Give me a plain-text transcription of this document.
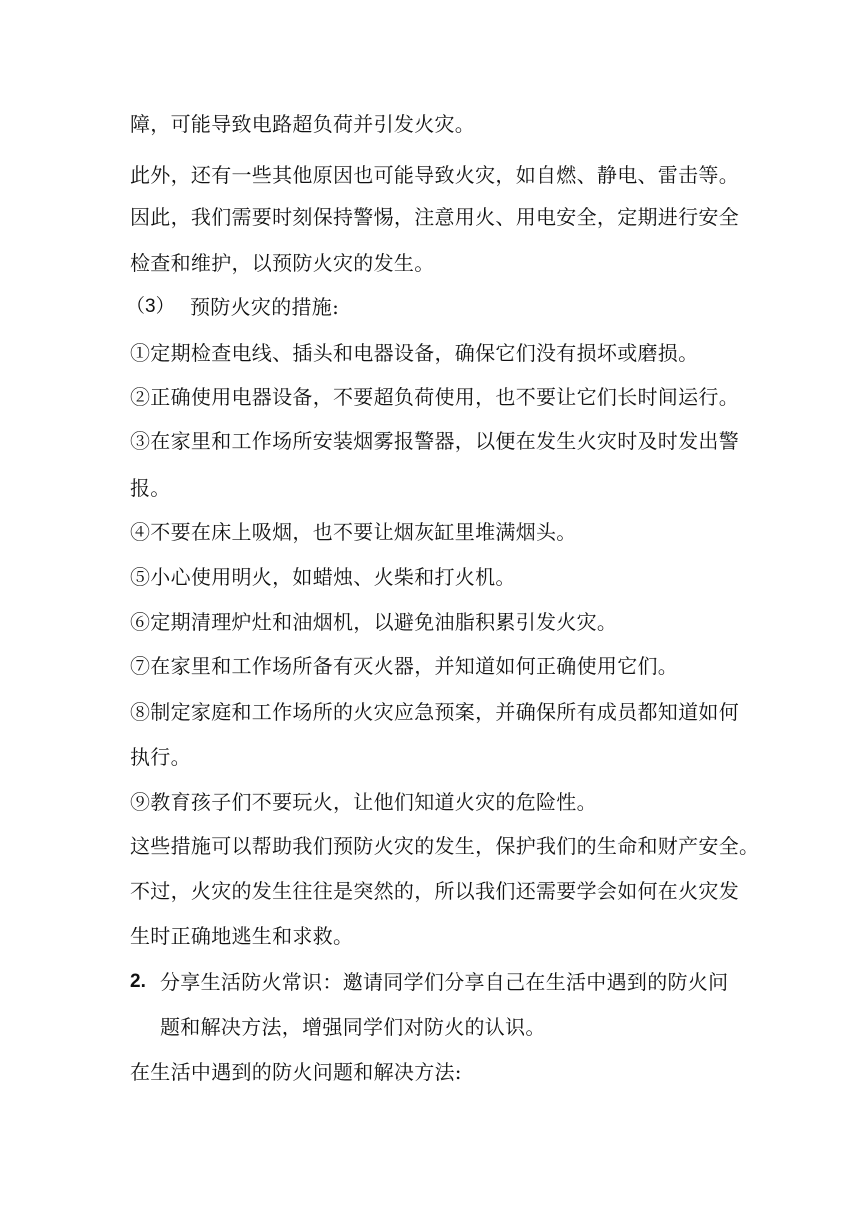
障，可能导致电路超负荷并引发火灾。
此外，还有一些其他原因也可能导致火灾，如自燃、静电、雷击等。
因此，我们需要时刻保持警惕，注意用火、用电安全，定期进行安全
检查和维护，以预防火灾的发生。
（3） 预防火灾的措施:
①定期检查电线、插头和电器设备，确保它们没有损坏或磨损。
②正确使用电器设备，不要超负荷使用，也不要让它们长时间运行。
③在家里和工作场所安装烟雾报警器，以便在发生火灾时及时发出警
报。
④不要在床上吸烟，也不要让烟灰缸里堆满烟头。
⑤小心使用明火，如蜡烛、火柴和打火机。
⑥定期清理炉灶和油烟机，以避免油脂积累引发火灾。
⑦在家里和工作场所备有灭火器，并知道如何正确使用它们。
⑧制定家庭和工作场所的火灾应急预案，并确保所有成员都知道如何
执行。
⑨教育孩子们不要玩火，让他们知道火灾的危险性。
这些措施可以帮助我们预防火灾的发生，保护我们的生命和财产安全。
不过，火灾的发生往往是突然的，所以我们还需要学会如何在火灾发
生时正确地逃生和求救。
2. 分享生活防火常识：邀请同学们分享自己在生活中遇到的防火问
题和解决方法，增强同学们对防火的认识。
在生活中遇到的防火问题和解决方法:
